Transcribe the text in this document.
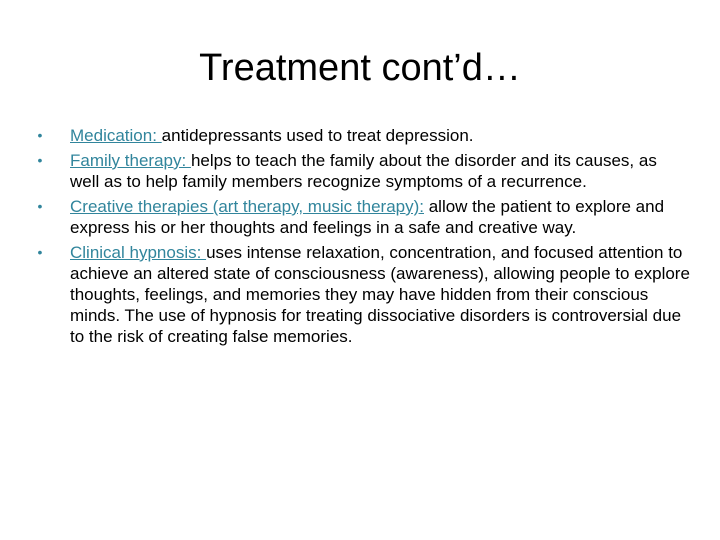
Treatment cont’d…
•	Medication: antidepressants used to treat depression.
•	Family therapy: helps to teach the family about the disorder and its causes, as well as to help family members recognize symptoms of a recurrence.
•	Creative therapies (art therapy, music therapy): allow the patient to explore and express his or her thoughts and feelings in a safe and creative way.
•	Clinical hypnosis: uses intense relaxation, concentration, and focused attention to achieve an altered state of consciousness (awareness), allowing people to explore thoughts, feelings, and memories they may have hidden from their conscious minds. The use of hypnosis for treating dissociative disorders is controversial due to the risk of creating false memories.
